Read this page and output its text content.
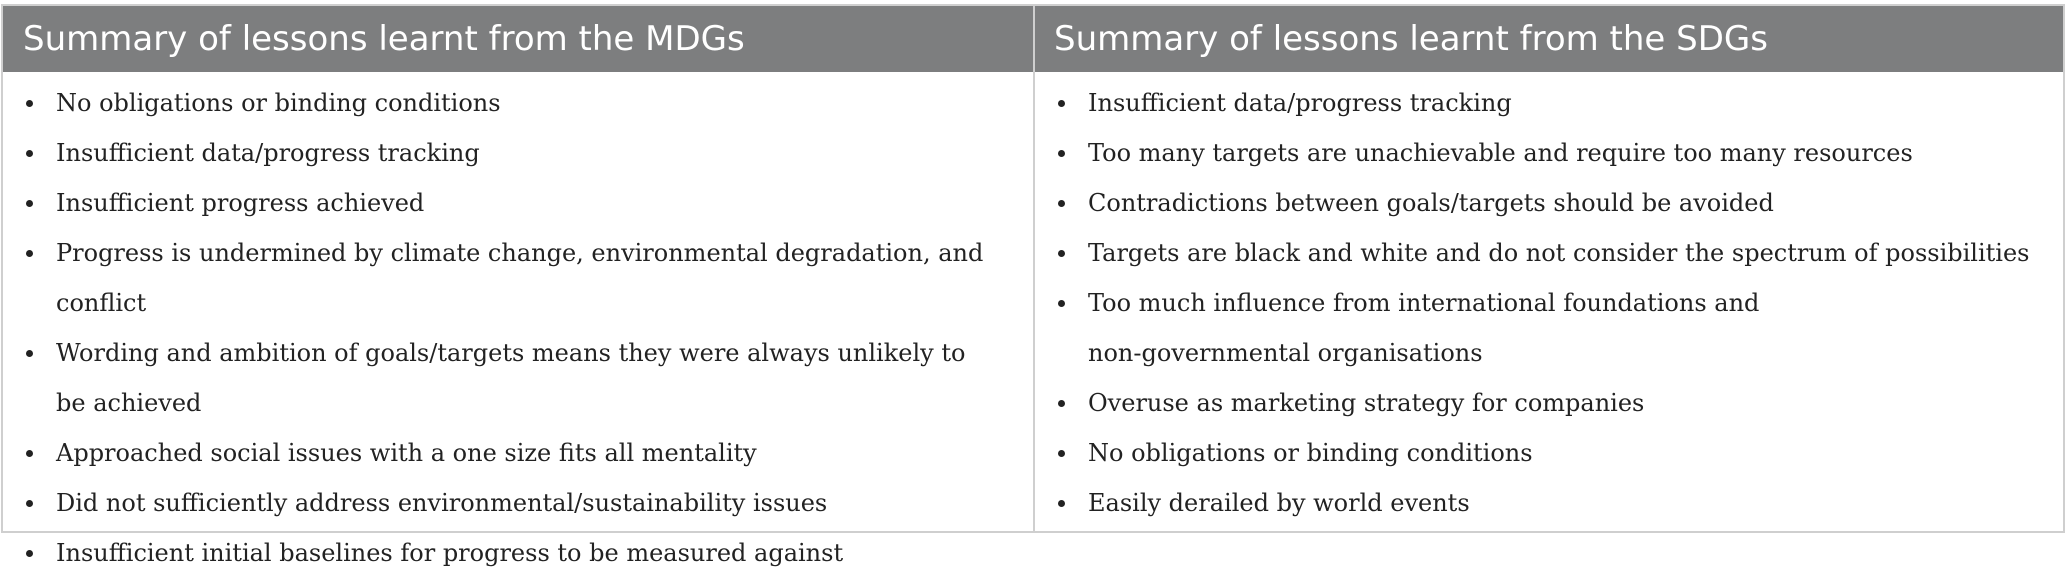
Summary of lessons learnt from the MDGs
No obligations or binding conditions
Insufficient data/progress tracking
Insufficient progress achieved
Progress is undermined by climate change, environmental degradation, and conflict
Wording and ambition of goals/targets means they were always unlikely to
be achieved
Approached social issues with a one size fits all mentality
Did not sufficiently address environmental/sustainability issues
Insufficient initial baselines for progress to be measured against
Summary of lessons learnt from the SDGs
Insufficient data/progress tracking
Too many targets are unachievable and require too many resources
Contradictions between goals/targets should be avoided
Targets are black and white and do not consider the spectrum of possibilities
Too much influence from international foundations and
non-governmental organisations
Overuse as marketing strategy for companies
No obligations or binding conditions
Easily derailed by world events
